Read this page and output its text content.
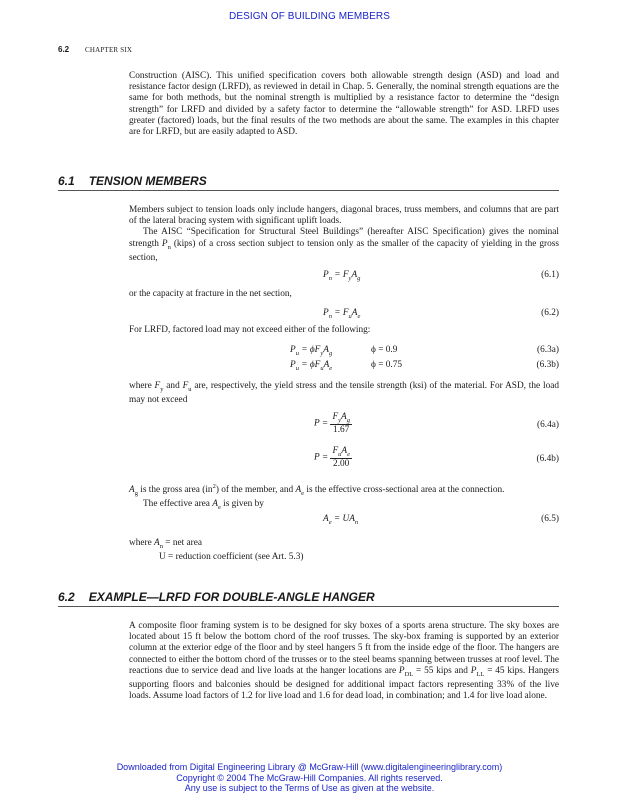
DESIGN OF BUILDING MEMBERS
6.2 CHAPTER SIX
Construction (AISC). This unified specification covers both allowable strength design (ASD) and load and resistance factor design (LRFD), as reviewed in detail in Chap. 5. Generally, the nominal strength equations are the same for both methods, but the nominal strength is multiplied by a resistance factor to determine the “design strength” for LRFD and divided by a safety factor to determine the “allowable strength” for ASD. LRFD uses greater (factored) loads, but the final results of the two methods are about the same. The examples in this chapter are for LRFD, but are easily adapted to ASD.
6.1 TENSION MEMBERS
Members subject to tension loads only include hangers, diagonal braces, truss members, and columns that are part of the lateral bracing system with significant uplift loads.
The AISC “Specification for Structural Steel Buildings” (hereafter AISC Specification) gives the nominal strength $P_n$ (kips) of a cross section subject to tension only as the smaller of the capacity of yielding in the gross section,
$P_n = F_yA_g$	(6.1)
or the capacity at fracture in the net section,
$P_n = F_uA_e$	(6.2)
For LRFD, factored load may not exceed either of the following:
$P_u = \phi F_yA_g$	ϕ = 0.9	(6.3a)
$P_u = \phi F_uA_e$	ϕ = 0.75	(6.3b)
where $F_y$ and $F_u$ are, respectively, the yield stress and the tensile strength (ksi) of the material. For ASD, the load may not exceed
$P = \frac{F_yA_g}{1.67}$	(6.4a)
$P = \frac{F_uA_e}{2.00}$	(6.4b)
$A_g$ is the gross area $(in^2)$ of the member, and $A_e$ is the effective cross-sectional area at the connection.
The effective area $A_e$ is given by
$A_e = UA_n$	(6.5)
where $A_n$ = net area
U = reduction coefficient (see Art. 5.3)
6.2 EXAMPLE—LRFD FOR DOUBLE-ANGLE HANGER
A composite floor framing system is to be designed for sky boxes of a sports arena structure. The sky boxes are located about 15 ft below the bottom chord of the roof trusses. The sky-box framing is supported by an exterior column at the exterior edge of the floor and by steel hangers 5 ft from the inside edge of the floor. The hangers are connected to either the bottom chord of the trusses or to the steel beams spanning between trusses at roof level. The reactions due to service dead and live loads at the hanger locations are $P_{DL} = 55$ kips and $P_{LL} = 45$ kips. Hangers supporting floors and balconies should be designed for additional impact factors representing 33% of the live loads. Assume load factors of 1.2 for live load and 1.6 for dead load, in combination; and 1.4 for live load alone.
Downloaded from Digital Engineering Library @ McGraw-Hill (www.digitalengineeringlibrary.com)
Copyright © 2004 The McGraw-Hill Companies. All rights reserved.
Any use is subject to the Terms of Use as given at the website.
